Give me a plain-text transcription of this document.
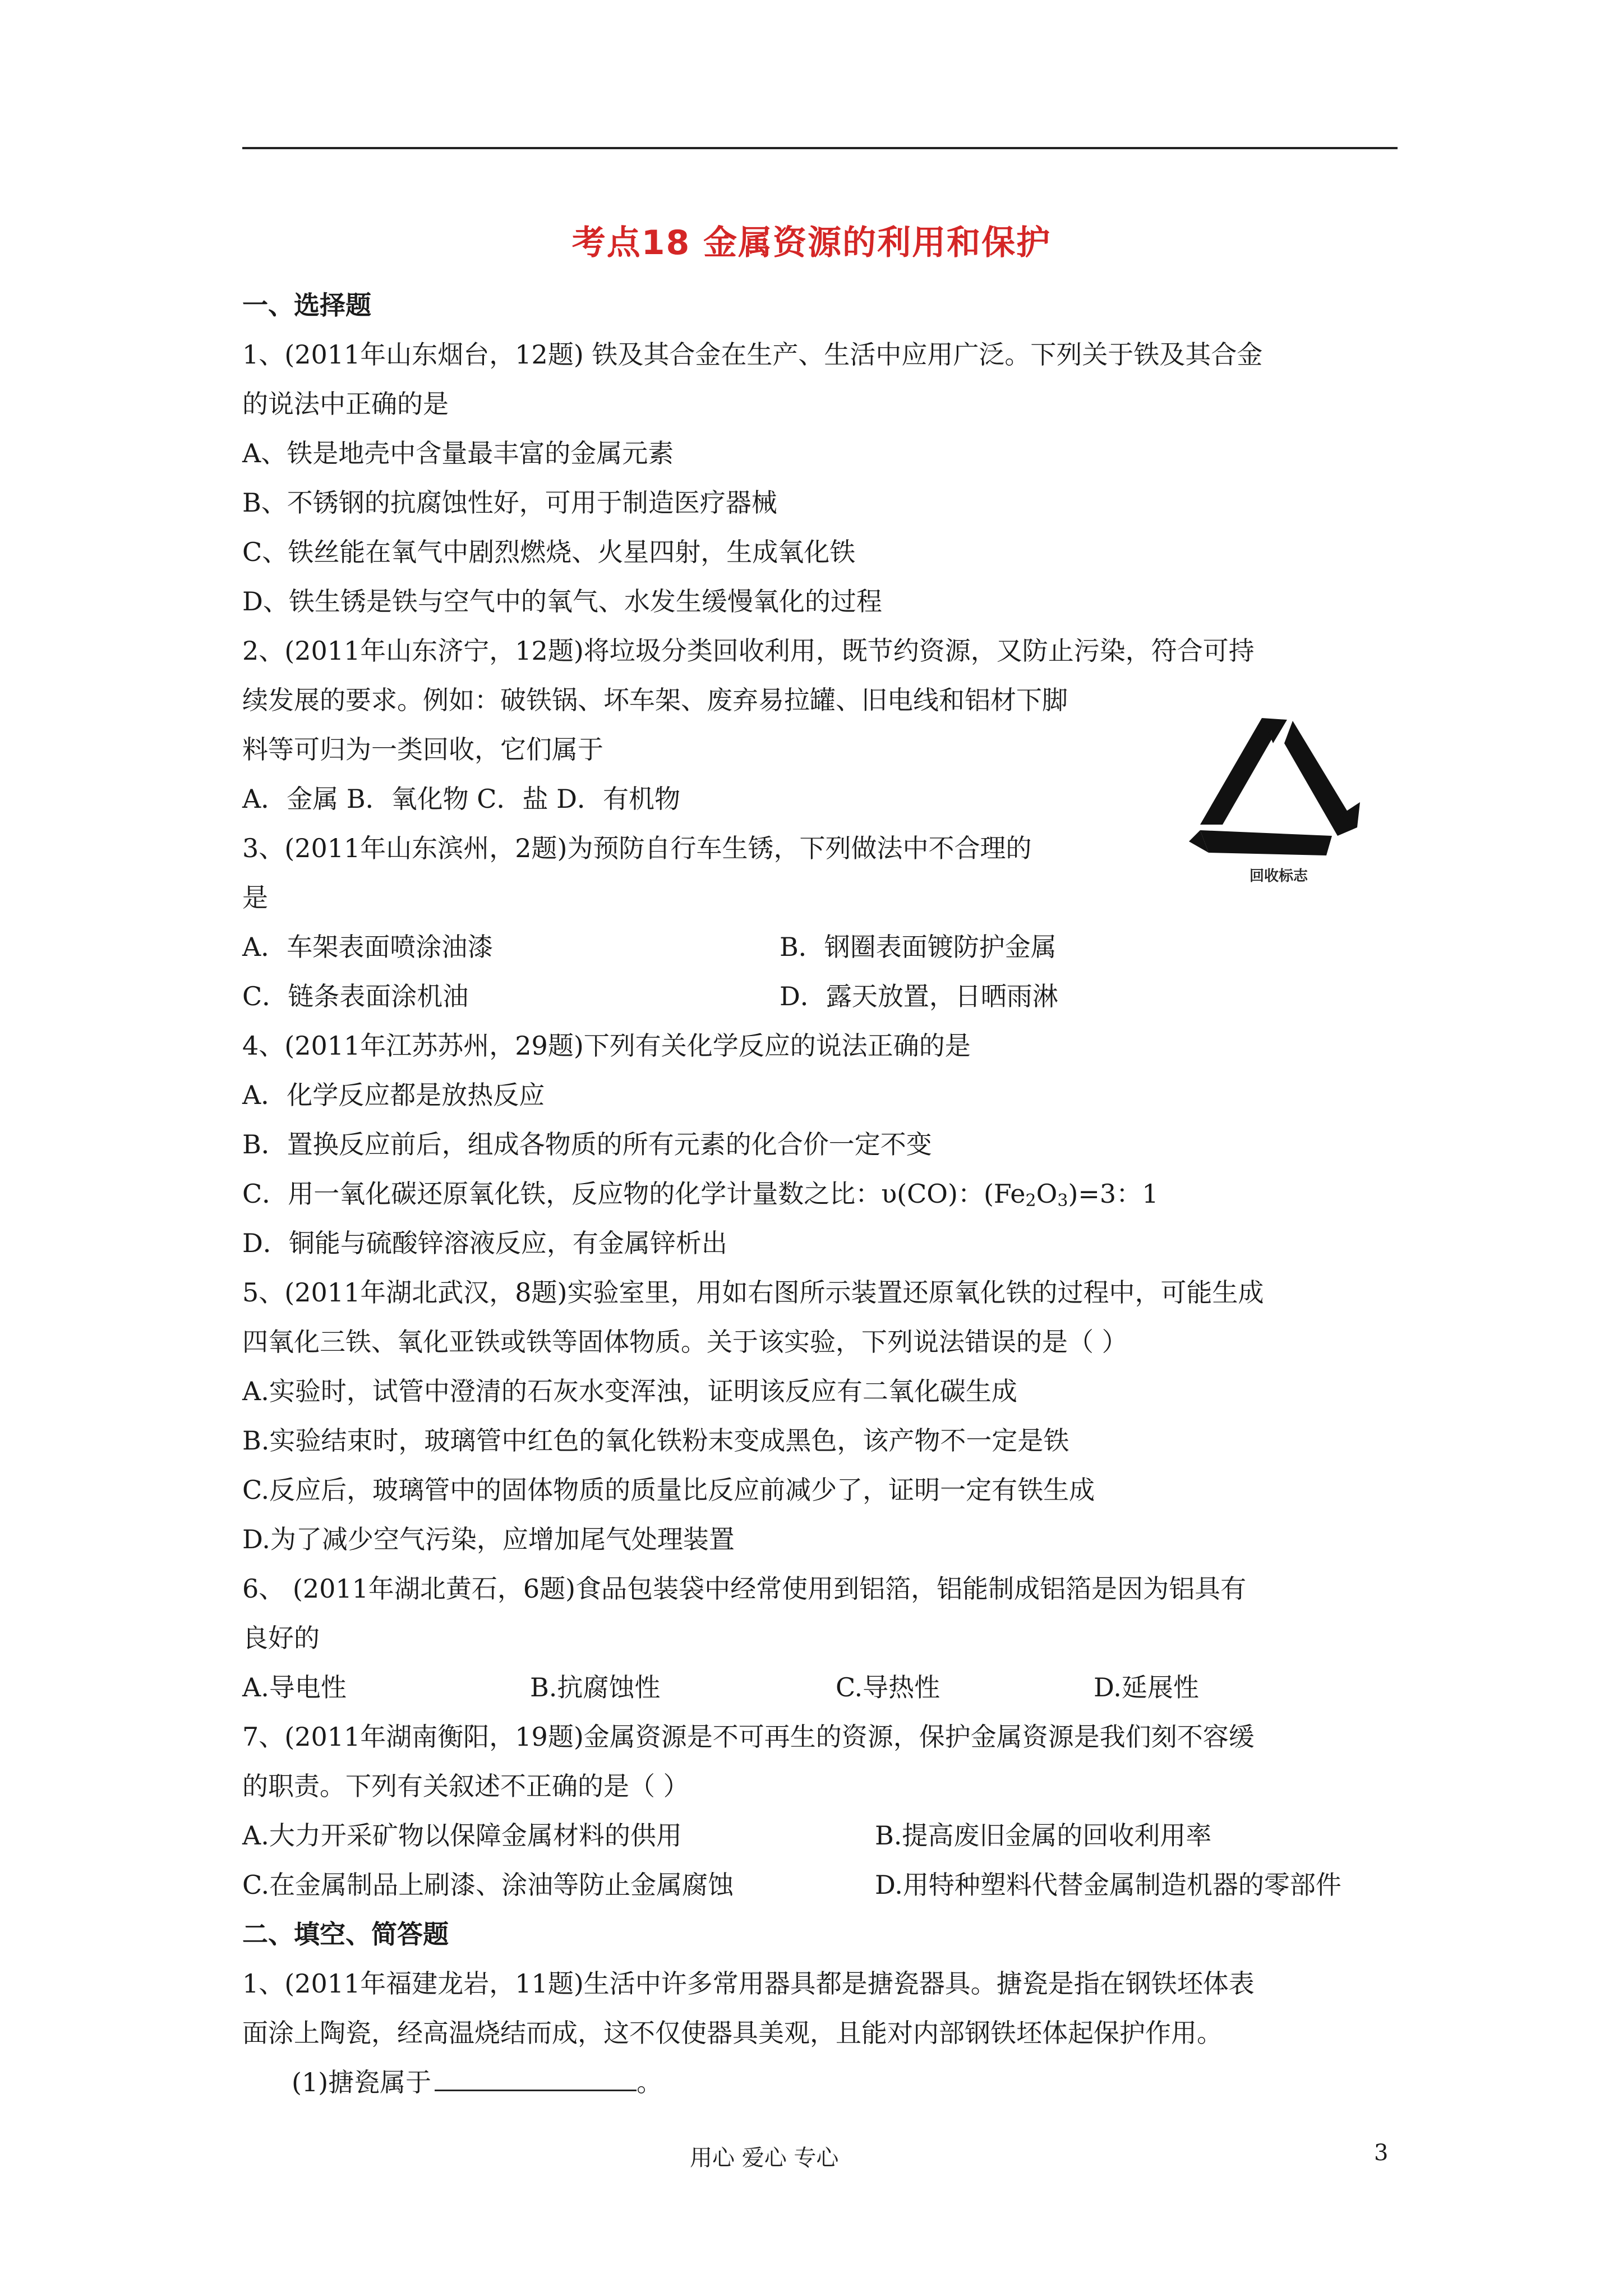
考点18 金属资源的利用和保护
一、选择题
1、(2011年山东烟台，12题) 铁及其合金在生产、生活中应用广泛。下列关于铁及其合金
的说法中正确的是
A、铁是地壳中含量最丰富的金属元素
B、不锈钢的抗腐蚀性好，可用于制造医疗器械
C、铁丝能在氧气中剧烈燃烧、火星四射，生成氧化铁
D、铁生锈是铁与空气中的氧气、水发生缓慢氧化的过程
2、(2011年山东济宁，12题)将垃圾分类回收利用，既节约资源，又防止污染，符合可持
续发展的要求。例如：破铁锅、坏车架、废弃易拉罐、旧电线和铝材下脚
料等可归为一类回收，它们属于
A．金属 B．氧化物 C．盐 D．有机物
回收标志
3、(2011年山东滨州，2题)为预防自行车生锈，下列做法中不合理的
是
A．车架表面喷涂油漆	B．钢圈表面镀防护金属
C．链条表面涂机油	D．露天放置，日晒雨淋
4、(2011年江苏苏州，29题)下列有关化学反应的说法正确的是
A．化学反应都是放热反应
B．置换反应前后，组成各物质的所有元素的化合价一定不变
C．用一氧化碳还原氧化铁，反应物的化学计量数之比：υ(CO)：$(Fe_2O_3)=3$：1
D．铜能与硫酸锌溶液反应，有金属锌析出
5、(2011年湖北武汉，8题)实验室里，用如右图所示装置还原氧化铁的过程中，可能生成
四氧化三铁、氧化亚铁或铁等固体物质。关于该实验，下列说法错误的是（ ）
A.实验时，试管中澄清的石灰水变浑浊，证明该反应有二氧化碳生成
B.实验结束时，玻璃管中红色的氧化铁粉末变成黑色，该产物不一定是铁
C.反应后，玻璃管中的固体物质的质量比反应前减少了，证明一定有铁生成
D.为了减少空气污染，应增加尾气处理装置
6、 (2011年湖北黄石，6题)食品包装袋中经常使用到铝箔，铝能制成铝箔是因为铝具有
良好的
A.导电性	B.抗腐蚀性	C.导热性	D.延展性
7、(2011年湖南衡阳，19题)金属资源是不可再生的资源，保护金属资源是我们刻不容缓
的职责。下列有关叙述不正确的是（ ）
A.大力开采矿物以保障金属材料的供用	B.提高废旧金属的回收利用率
C.在金属制品上刷漆、涂油等防止金属腐蚀	D.用特种塑料代替金属制造机器的零部件
二、填空、简答题
1、(2011年福建龙岩，11题)生活中许多常用器具都是搪瓷器具。搪瓷是指在钢铁坯体表
面涂上陶瓷，经高温烧结而成，这不仅使器具美观，且能对内部钢铁坯体起保护作用。
(1)搪瓷属于	。
用心 爱心 专心	3
